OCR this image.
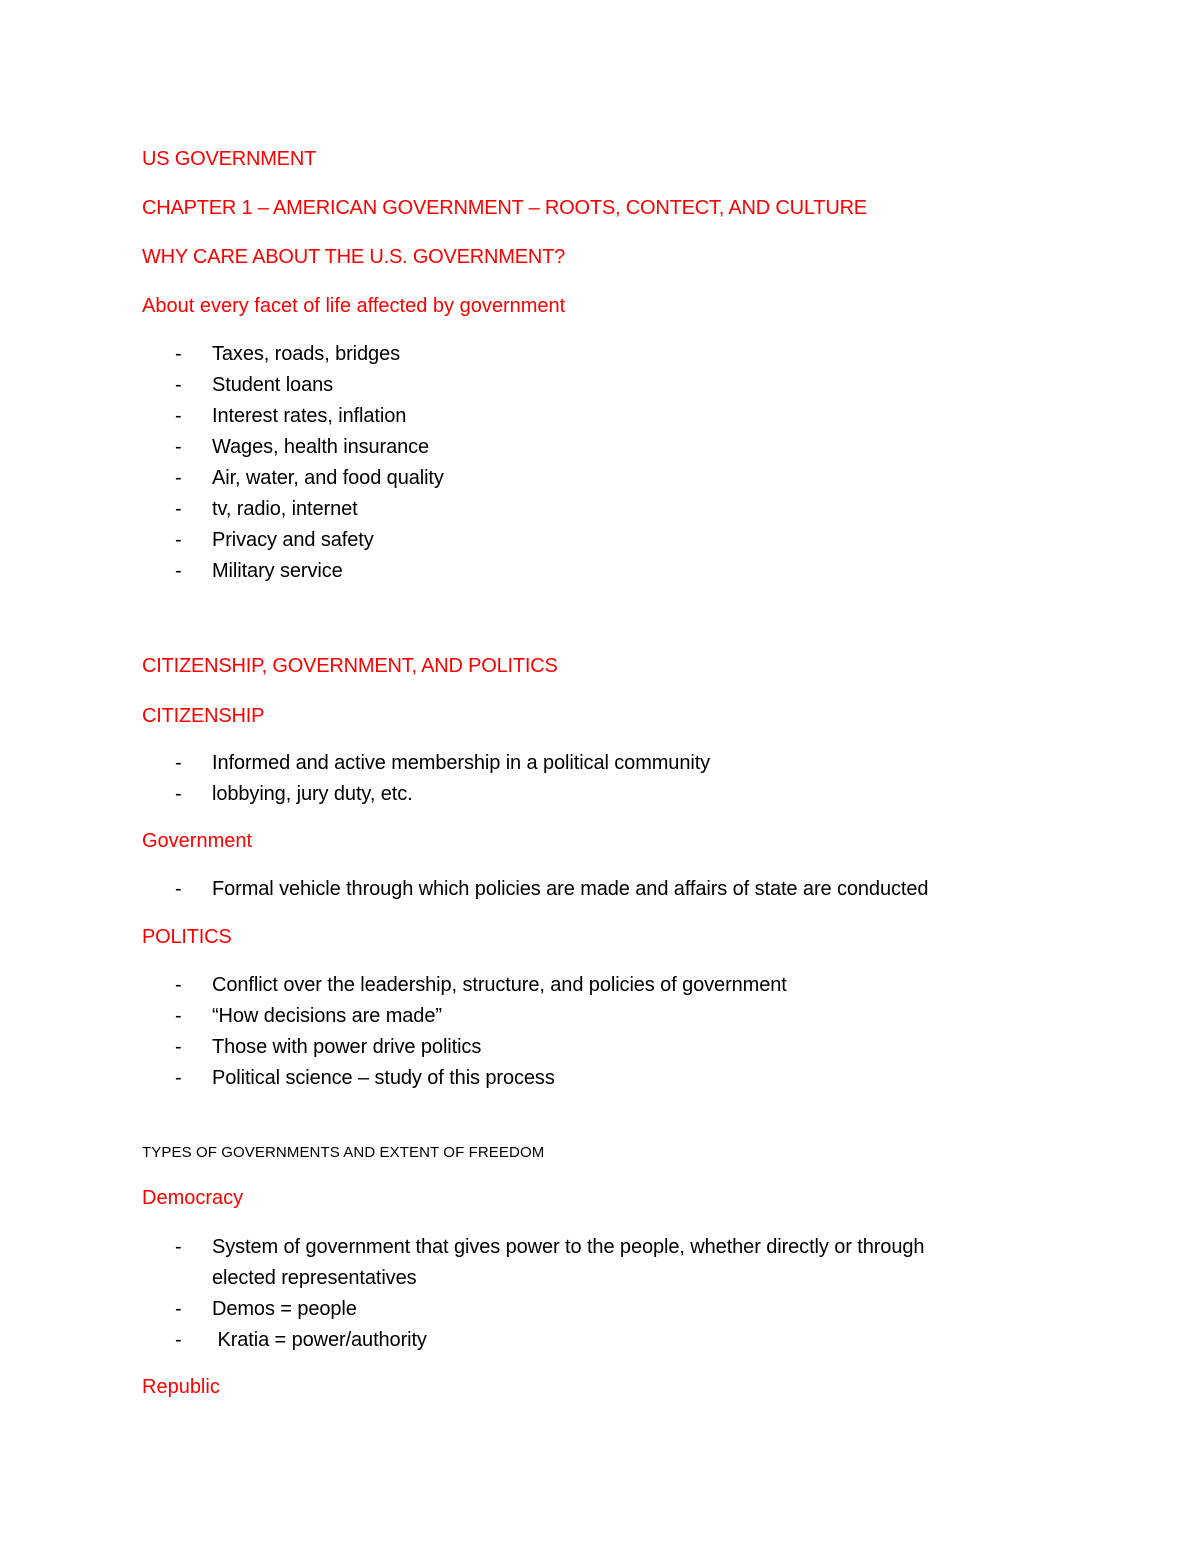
US GOVERNMENT
CHAPTER 1 – AMERICAN GOVERNMENT – ROOTS, CONTECT, AND CULTURE
WHY CARE ABOUT THE U.S. GOVERNMENT?
About every facet of life affected by government
- Taxes, roads, bridges
- Student loans
- Interest rates, inflation
- Wages, health insurance
- Air, water, and food quality
- tv, radio, internet
- Privacy and safety
- Military service
CITIZENSHIP, GOVERNMENT, AND POLITICS
CITIZENSHIP
- Informed and active membership in a political community
- lobbying, jury duty, etc.
Government
- Formal vehicle through which policies are made and affairs of state are conducted
POLITICS
- Conflict over the leadership, structure, and policies of government
- “How decisions are made”
- Those with power drive politics
- Political science – study of this process
TYPES OF GOVERNMENTS AND EXTENT OF FREEDOM
Democracy
- System of government that gives power to the people, whether directly or through
elected representatives
- Demos = people
- Kratia = power/authority
Republic
